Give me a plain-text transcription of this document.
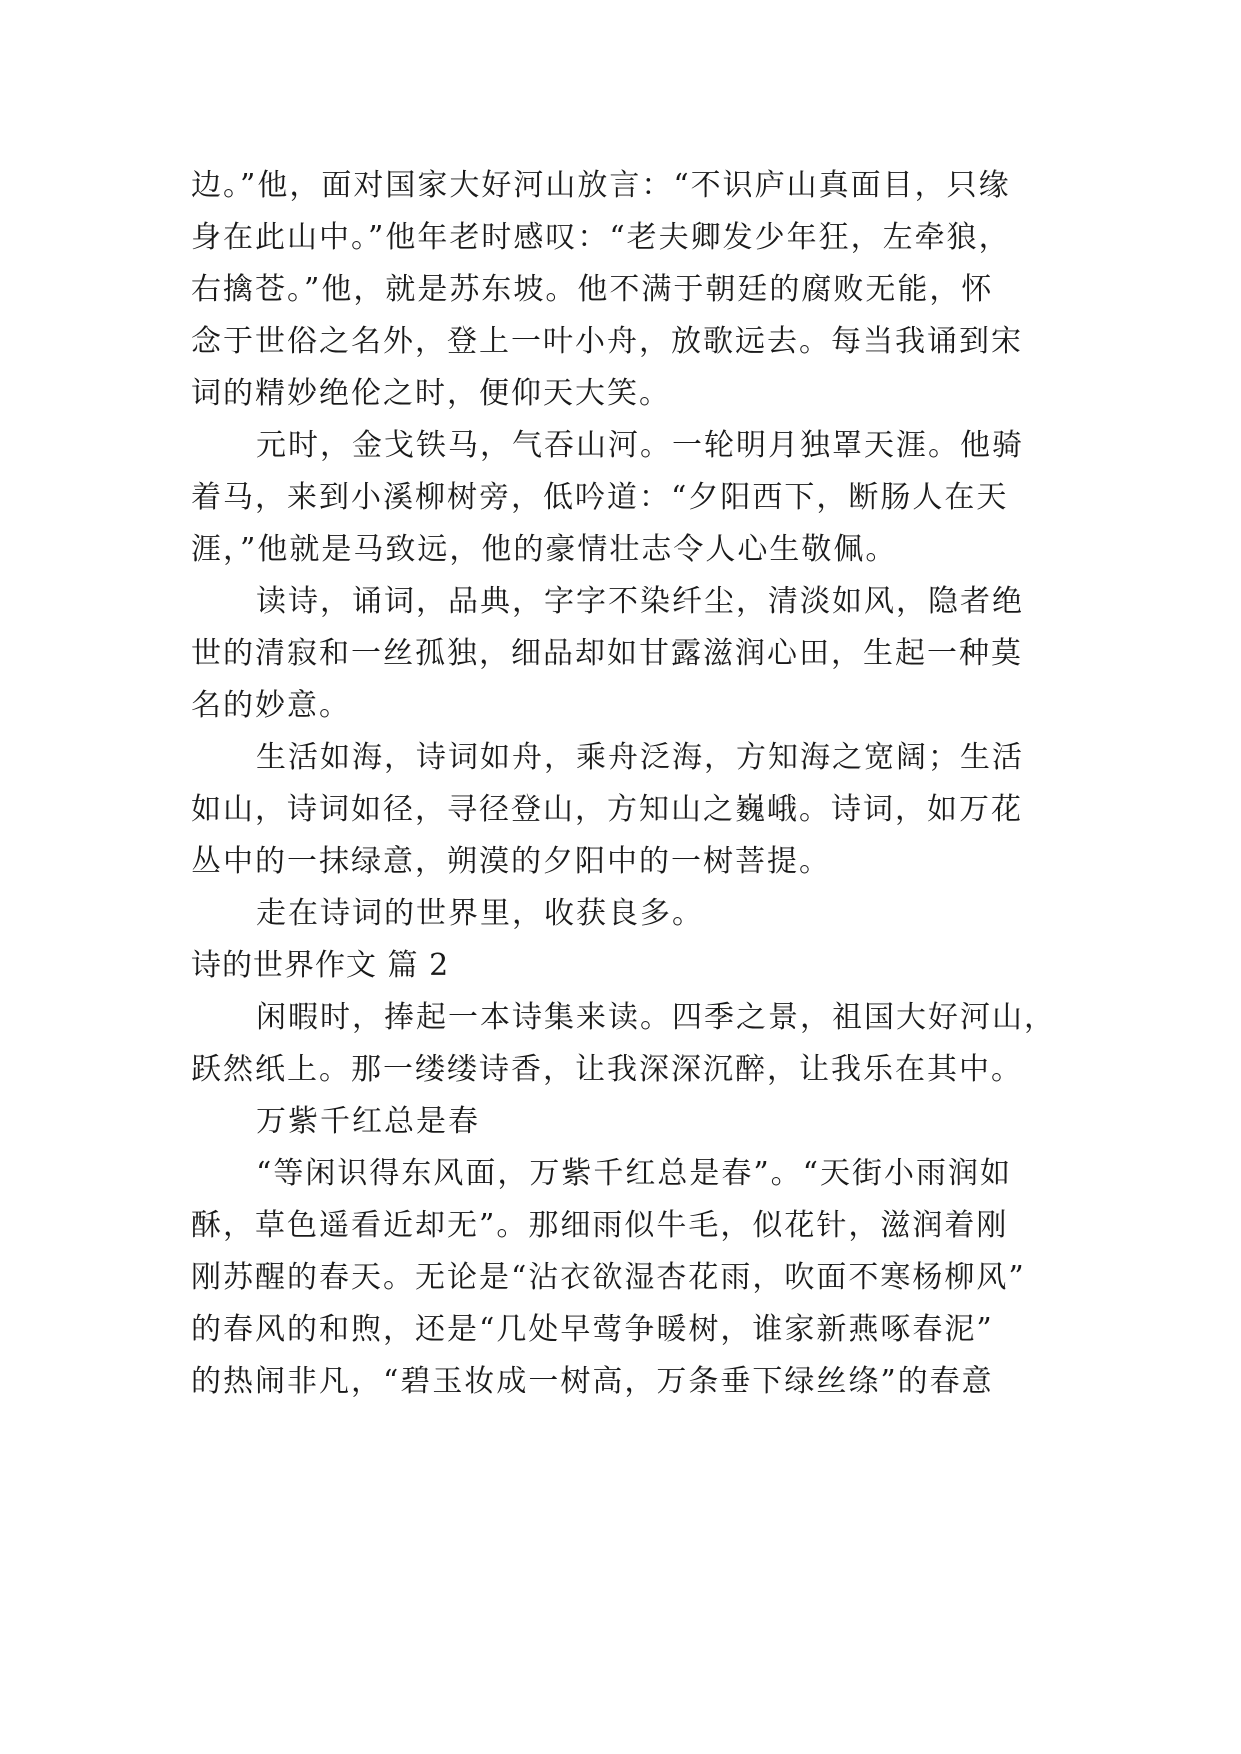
边。”他，面对国家大好河山放言：“不识庐山真面目，只缘
身在此山中。”他年老时感叹：“老夫卿发少年狂，左牵狼，
右擒苍。”他，就是苏东坡。他不满于朝廷的腐败无能，怀
念于世俗之名外，登上一叶小舟，放歌远去。每当我诵到宋
词的精妙绝伦之时，便仰天大笑。
元时，金戈铁马，气吞山河。一轮明月独罩天涯。他骑
着马，来到小溪柳树旁，低吟道：“夕阳西下，断肠人在天
涯，”他就是马致远，他的豪情壮志令人心生敬佩。
读诗，诵词，品典，字字不染纤尘，清淡如风，隐者绝
世的清寂和一丝孤独，细品却如甘露滋润心田，生起一种莫
名的妙意。
生活如海，诗词如舟，乘舟泛海，方知海之宽阔；生活
如山，诗词如径，寻径登山，方知山之巍峨。诗词，如万花
丛中的一抹绿意，朔漠的夕阳中的一树菩提。
走在诗词的世界里，收获良多。
诗的世界作文 篇 2
闲暇时，捧起一本诗集来读。四季之景，祖国大好河山，
跃然纸上。那一缕缕诗香，让我深深沉醉，让我乐在其中。
万紫千红总是春
“等闲识得东风面，万紫千红总是春”。“天街小雨润如
酥，草色遥看近却无”。那细雨似牛毛，似花针，滋润着刚
刚苏醒的春天。无论是“沾衣欲湿杏花雨，吹面不寒杨柳风”
的春风的和煦，还是“几处早莺争暖树，谁家新燕啄春泥”
的热闹非凡，“碧玉妆成一树高，万条垂下绿丝绦”的春意
